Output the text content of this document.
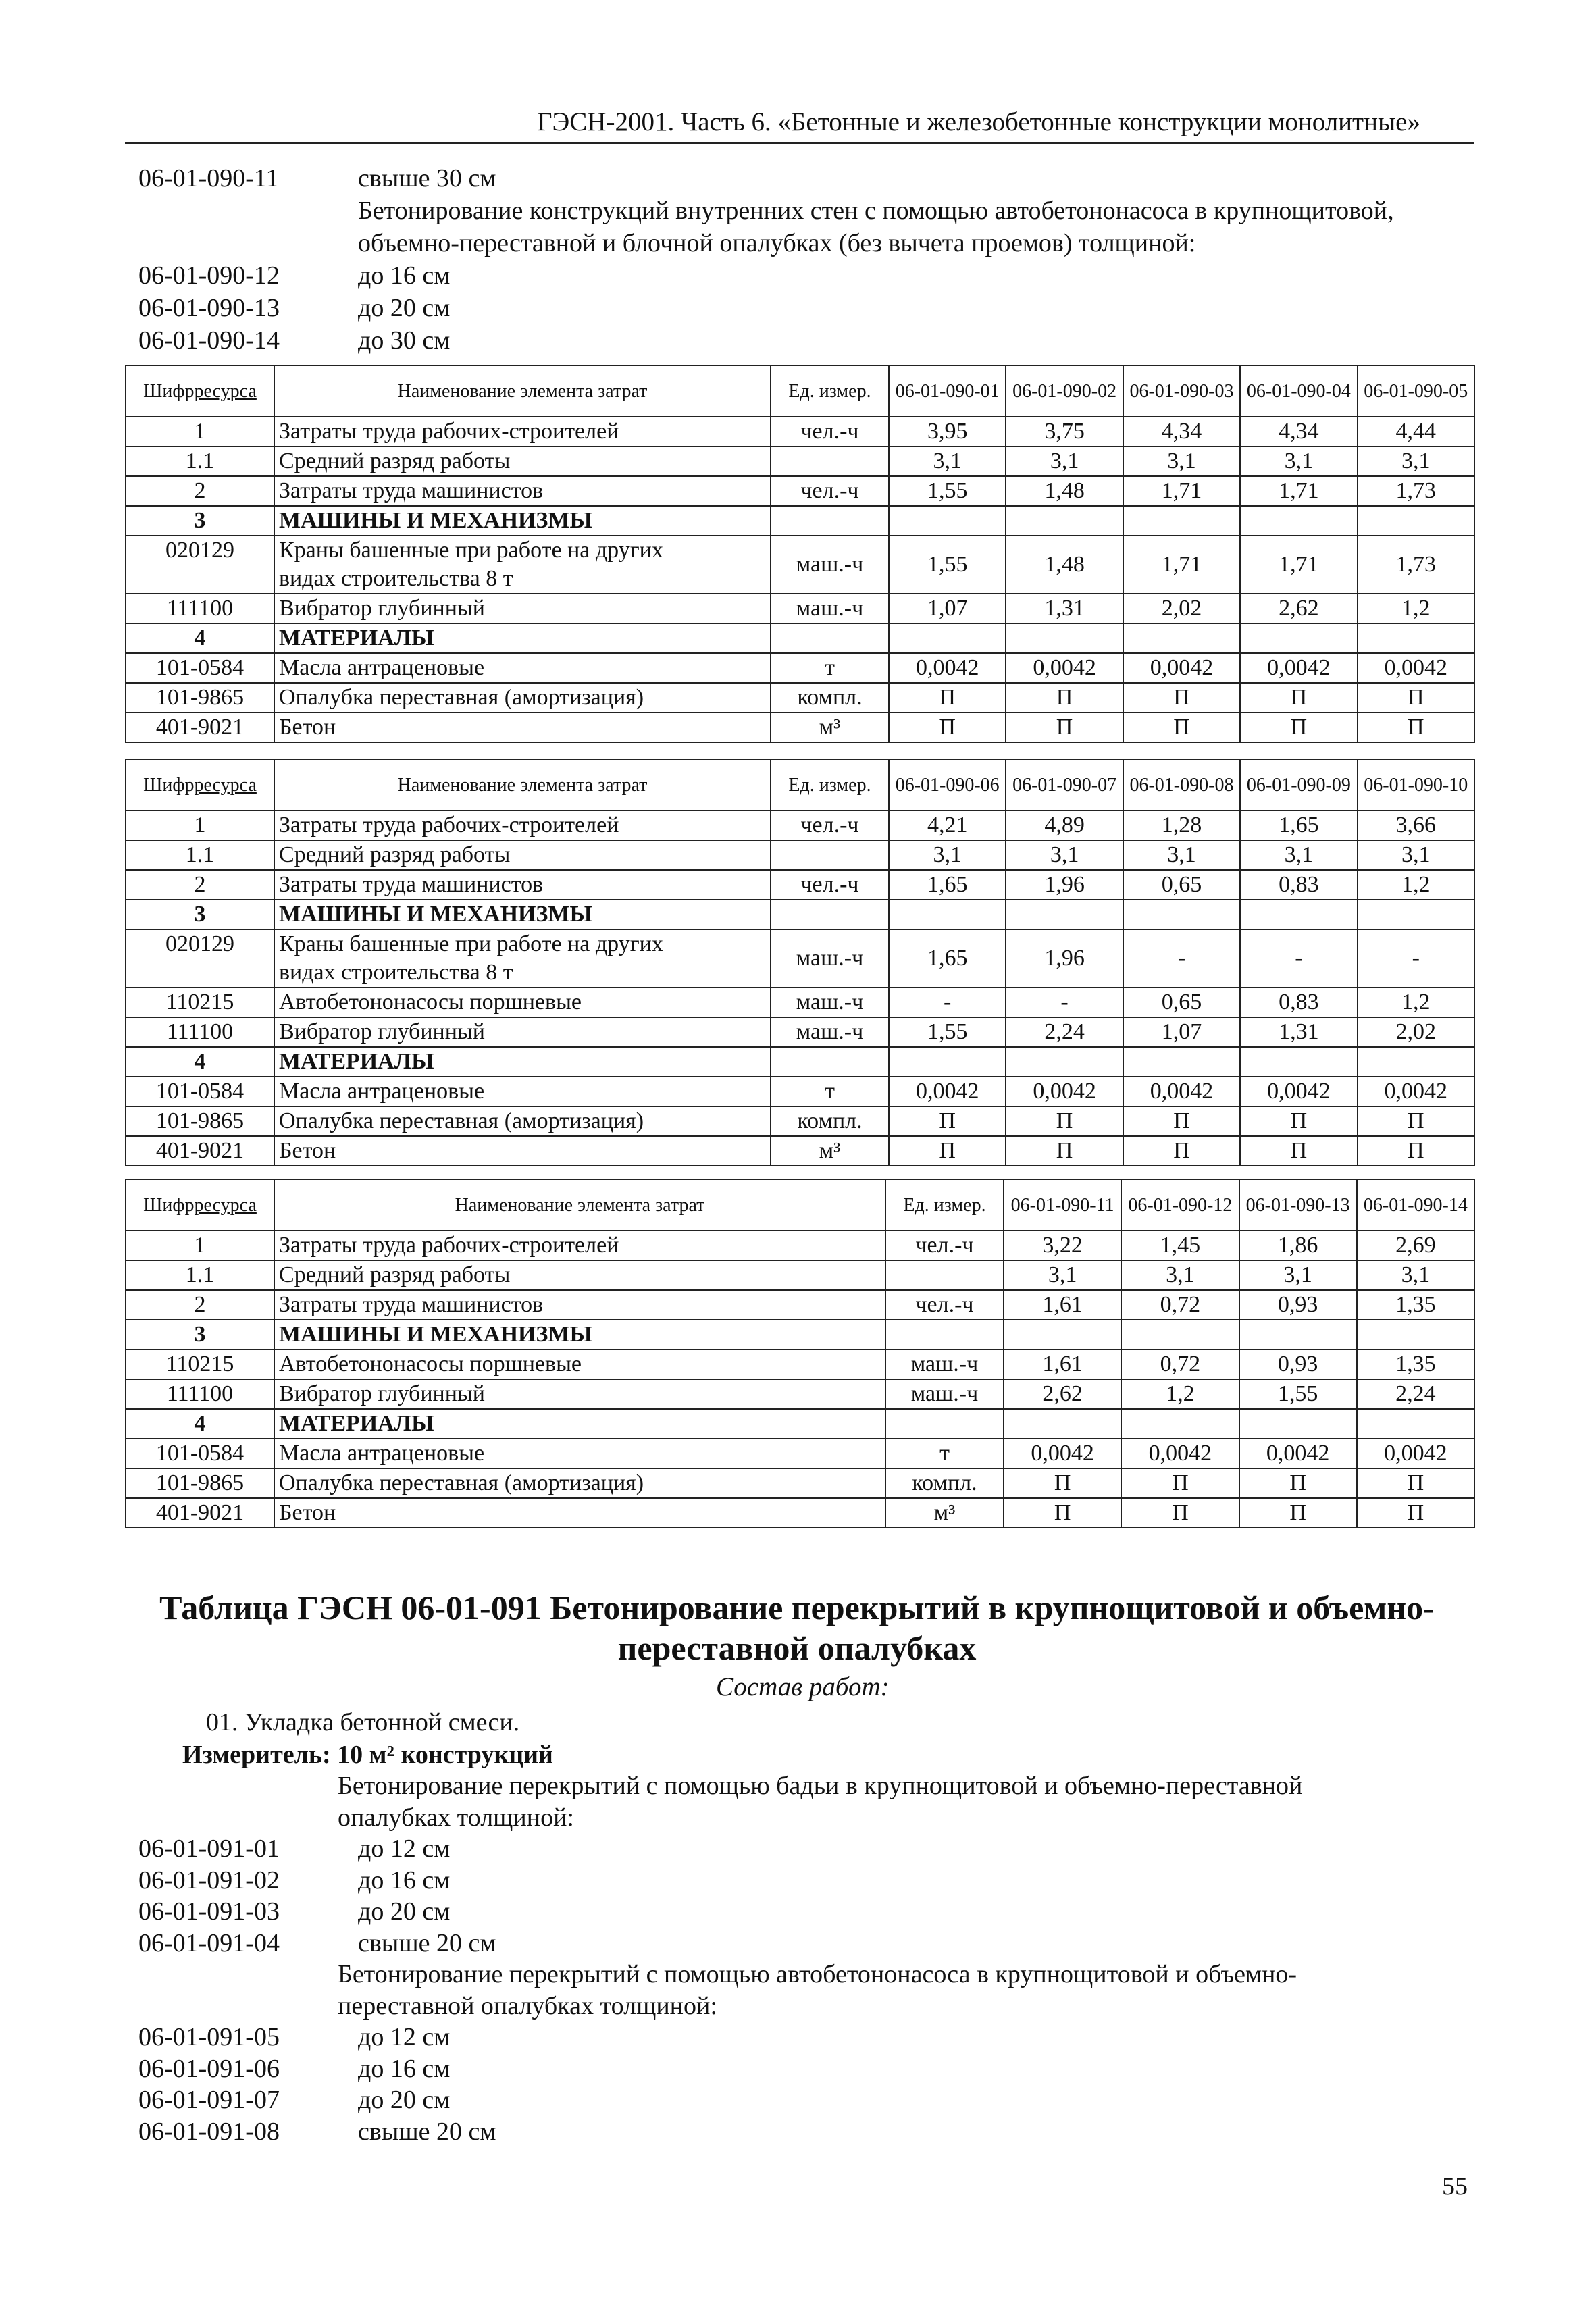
ГЭСН-2001. Часть 6. «Бетонные и железобетонные конструкции монолитные»
06-01-090-11	свыше 30 см
Бетонирование конструкций внутренних стен с помощью автобетононасоса в крупнощитовой,
объемно-переставной и блочной опалубках (без вычета проемов) толщиной:
06-01-090-12	до 16 см
06-01-090-13	до 20 см
06-01-090-14	до 30 см
Шифрресурса	Наименование элемента затрат	Ед. измер.	06-01-090-01	06-01-090-02	06-01-090-03	06-01-090-04	06-01-090-05
1	Затраты труда рабочих-строителей	чел.-ч	3,95	3,75	4,34	4,34	4,44
1.1	Средний разряд работы		3,1	3,1	3,1	3,1	3,1
2	Затраты труда машинистов	чел.-ч	1,55	1,48	1,71	1,71	1,73
3	МАШИНЫ И МЕХАНИЗМЫ						

020129	Краны башенные при работе на других
видах строительства 8 т	маш.-ч	1,55	1,48	1,71	1,71	1,73
111100	Вибратор глубинный	маш.-ч	1,07	1,31	2,02	2,62	1,2
4	МАТЕРИАЛЫ						

101-0584	Масла антраценовые	т	0,0042	0,0042	0,0042	0,0042	0,0042
101-9865	Опалубка переставная (амортизация)	компл.	П	П	П	П	П
401-9021	Бетон	м³	П	П	П	П	П
Шифрресурса	Наименование элемента затрат	Ед. измер.	06-01-090-06	06-01-090-07	06-01-090-08	06-01-090-09	06-01-090-10
1	Затраты труда рабочих-строителей	чел.-ч	4,21	4,89	1,28	1,65	3,66
1.1	Средний разряд работы		3,1	3,1	3,1	3,1	3,1
2	Затраты труда машинистов	чел.-ч	1,65	1,96	0,65	0,83	1,2
3	МАШИНЫ И МЕХАНИЗМЫ						

020129	Краны башенные при работе на других
видах строительства 8 т	маш.-ч	1,65	1,96	-	-	-
110215	Автобетононасосы поршневые	маш.-ч	-	-	0,65	0,83	1,2
111100	Вибратор глубинный	маш.-ч	1,55	2,24	1,07	1,31	2,02
4	МАТЕРИАЛЫ						

101-0584	Масла антраценовые	т	0,0042	0,0042	0,0042	0,0042	0,0042
101-9865	Опалубка переставная (амортизация)	компл.	П	П	П	П	П
401-9021	Бетон	м³	П	П	П	П	П
Шифрресурса	Наименование элемента затрат	Ед. измер.	06-01-090-11	06-01-090-12	06-01-090-13	06-01-090-14
1	Затраты труда рабочих-строителей	чел.-ч	3,22	1,45	1,86	2,69
1.1	Средний разряд работы		3,1	3,1	3,1	3,1
2	Затраты труда машинистов	чел.-ч	1,61	0,72	0,93	1,35
3	МАШИНЫ И МЕХАНИЗМЫ					

110215	Автобетононасосы поршневые	маш.-ч	1,61	0,72	0,93	1,35
111100	Вибратор глубинный	маш.-ч	2,62	1,2	1,55	2,24
4	МАТЕРИАЛЫ					

101-0584	Масла антраценовые	т	0,0042	0,0042	0,0042	0,0042
101-9865	Опалубка переставная (амортизация)	компл.	П	П	П	П
401-9021	Бетон	м³	П	П	П	П
Таблица ГЭСН 06-01-091 Бетонирование перекрытий в крупнощитовой и объемно-
переставной опалубках
Состав работ:
01. Укладка бетонной смеси.
Измеритель: 10 м² конструкций
Бетонирование перекрытий с помощью бадьи в крупнощитовой и объемно-переставной
опалубках толщиной:
06-01-091-01	до 12 см
06-01-091-02	до 16 см
06-01-091-03	до 20 см
06-01-091-04	свыше 20 см
Бетонирование перекрытий с помощью автобетононасоса в крупнощитовой и объемно-
переставной опалубках толщиной:
06-01-091-05	до 12 см
06-01-091-06	до 16 см
06-01-091-07	до 20 см
06-01-091-08	свыше 20 см
55
